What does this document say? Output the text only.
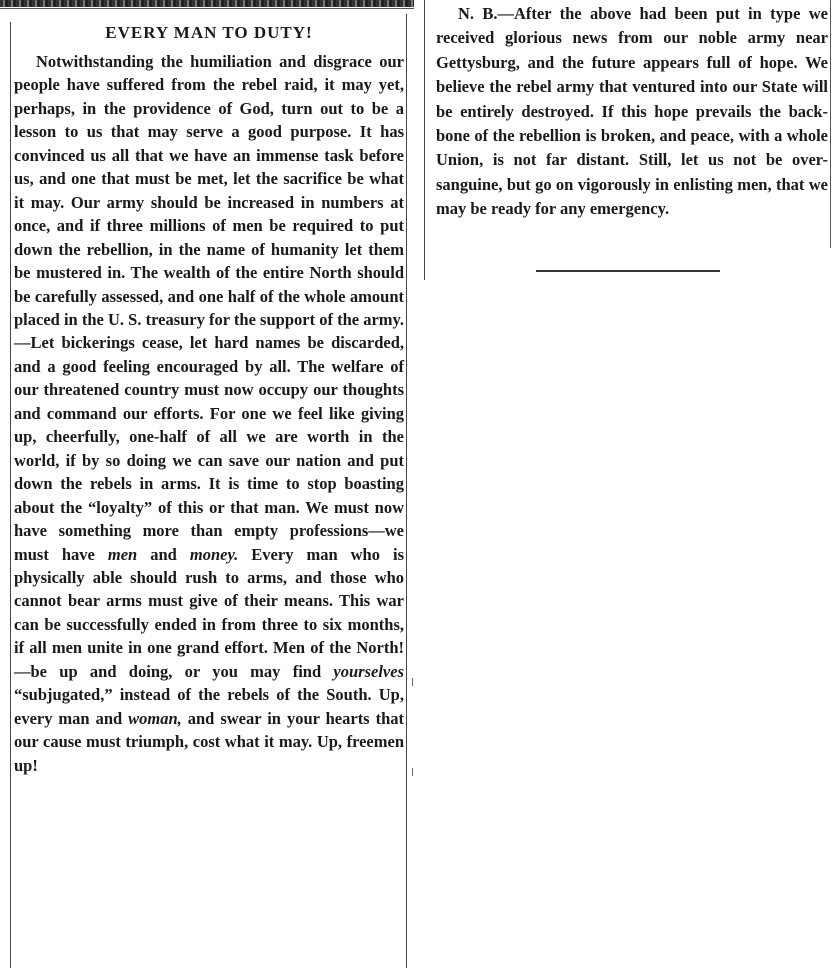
EVERY MAN TO DUTY!

Notwithstanding the humiliation and disgrace our people have suffered from the rebel raid, it may yet, perhaps, in the providence of God, turn out to be a lesson to us that may serve a good purpose. It has convinced us all that we have an immense task before us, and one that must be met, let the sacrifice be what it may. Our army should be increased in numbers at once, and if three millions of men be required to put down the rebellion, in the name of humanity let them be mustered in. The wealth of the entire North should be carefully assessed, and one half of the whole amount placed in the U. S. treasury for the support of the army.—Let bickerings cease, let hard names be discarded, and a good feeling encouraged by all. The welfare of our threatened country must now occupy our thoughts and command our efforts. For one we feel like giving up, cheerfully, one-half of all we are worth in the world, if by so doing we can save our nation and put down the rebels in arms. It is time to stop boasting about the “loyalty” of this or that man. We must now have something more than empty professions—we must have men and money. Every man who is physically able should rush to arms, and those who cannot bear arms must give of their means. This war can be successfully ended in from three to six months, if all men unite in one grand effort. Men of the North! —be up and doing, or you may find yourselves “subjugated,” instead of the rebels of the South. Up, every man and woman, and swear in your hearts that our cause must triumph, cost what it may. Up, freemen up!

N. B.—After the above had been put in type we received glorious news from our noble army near Gettysburg, and the future appears full of hope. We believe the rebel army that ventured into our State will be entirely destroyed. If this hope prevails the back-bone of the rebellion is broken, and peace, with a whole Union, is not far distant. Still, let us not be over-sanguine, but go on vigorously in enlisting men, that we may be ready for any emergency.
